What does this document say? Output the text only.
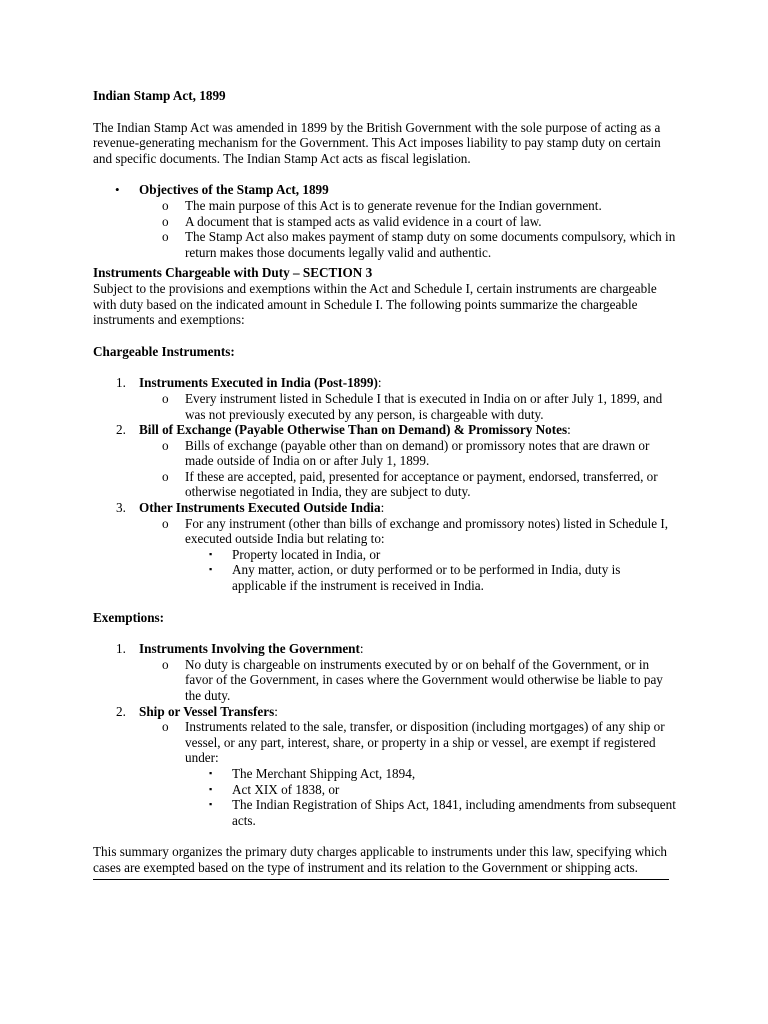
Indian Stamp Act, 1899

The Indian Stamp Act was amended in 1899 by the British Government with the sole purpose of acting as a revenue-generating mechanism for the Government. This Act imposes liability to pay stamp duty on certain and specific documents. The Indian Stamp Act acts as fiscal legislation.

•	Objectives of the Stamp Act, 1899
o	The main purpose of this Act is to generate revenue for the Indian government.
o	A document that is stamped acts as valid evidence in a court of law.
o	The Stamp Act also makes payment of stamp duty on some documents compulsory, which in return makes those documents legally valid and authentic.

Instruments Chargeable with Duty – SECTION 3

Subject to the provisions and exemptions within the Act and Schedule I, certain instruments are chargeable with duty based on the indicated amount in Schedule I. The following points summarize the chargeable instruments and exemptions:

Chargeable Instruments:

1. Instruments Executed in India (Post-1899):
o	Every instrument listed in Schedule I that is executed in India on or after July 1, 1899, and was not previously executed by any person, is chargeable with duty.
2. Bill of Exchange (Payable Otherwise Than on Demand) & Promissory Notes:
o	Bills of exchange (payable other than on demand) or promissory notes that are drawn or made outside of India on or after July 1, 1899.
o	If these are accepted, paid, presented for acceptance or payment, endorsed, transferred, or otherwise negotiated in India, they are subject to duty.
3. Other Instruments Executed Outside India:
o	For any instrument (other than bills of exchange and promissory notes) listed in Schedule I, executed outside India but relating to:
▪	Property located in India, or
▪	Any matter, action, or duty performed or to be performed in India, duty is applicable if the instrument is received in India.

Exemptions:

1. Instruments Involving the Government:
o	No duty is chargeable on instruments executed by or on behalf of the Government, or in favor of the Government, in cases where the Government would otherwise be liable to pay the duty.
2. Ship or Vessel Transfers:
o	Instruments related to the sale, transfer, or disposition (including mortgages) of any ship or vessel, or any part, interest, share, or property in a ship or vessel, are exempt if registered under:
▪	The Merchant Shipping Act, 1894,
▪	Act XIX of 1838, or
▪	The Indian Registration of Ships Act, 1841, including amendments from subsequent acts.

This summary organizes the primary duty charges applicable to instruments under this law, specifying which cases are exempted based on the type of instrument and its relation to the Government or shipping acts.
